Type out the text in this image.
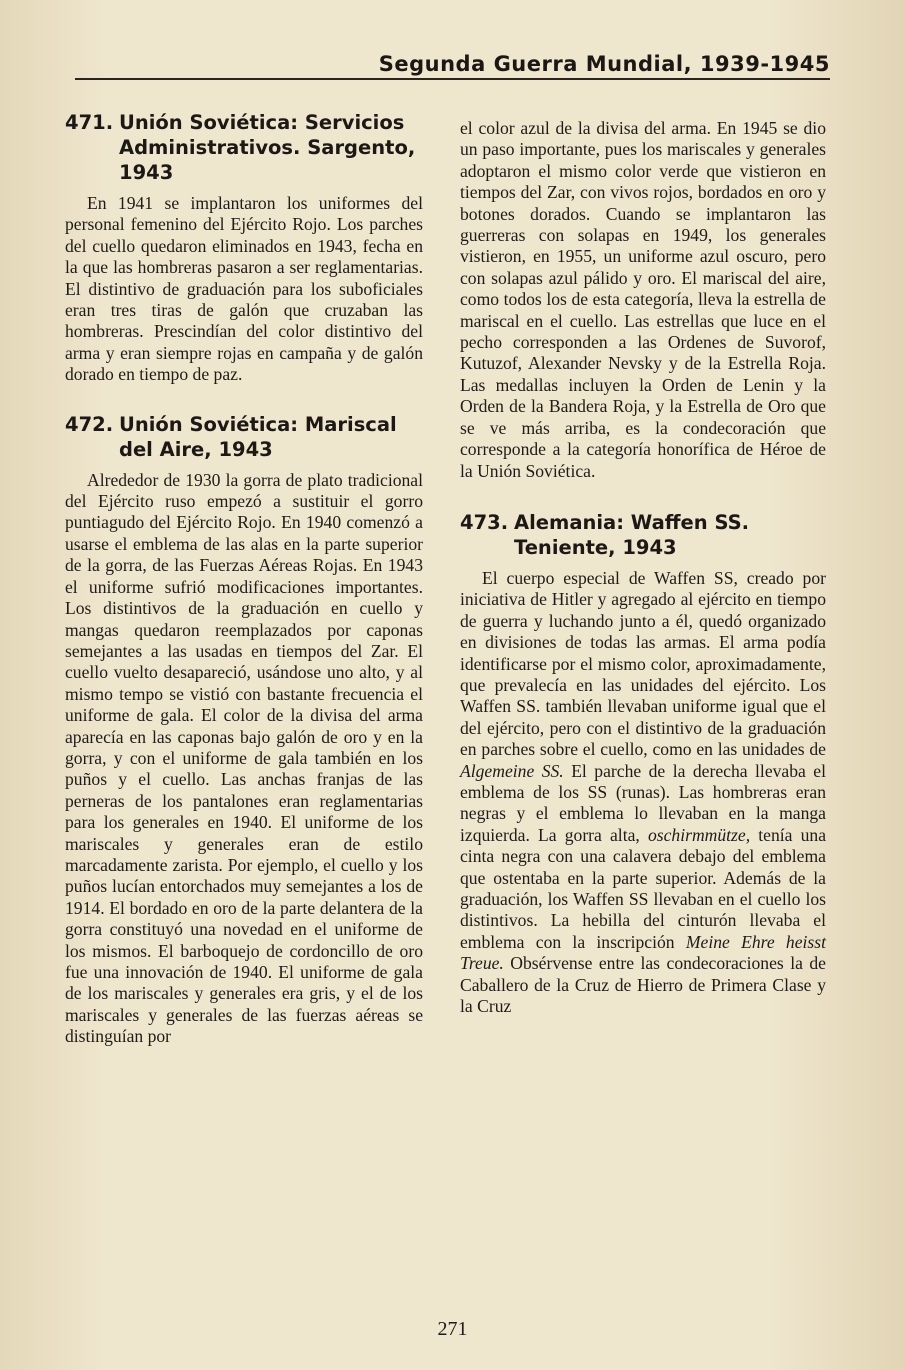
Segunda Guerra Mundial, 1939-1945
471. Unión Soviética: Servicios Administrativos. Sargento, 1943

En 1941 se implantaron los uniformes del personal femenino del Ejército Rojo. Los parches del cuello quedaron eliminados en 1943, fecha en la que las hombreras pasaron a ser reglamentarias. El distintivo de graduación para los suboficiales eran tres tiras de galón que cruzaban las hombreras. Prescindían del color distintivo del arma y eran siempre rojas en campaña y de galón dorado en tiempo de paz.

472. Unión Soviética: Mariscal del Aire, 1943

Alrededor de 1930 la gorra de plato tradicional del Ejército ruso empezó a sustituir el gorro puntiagudo del Ejército Rojo. En 1940 comenzó a usarse el emblema de las alas en la parte superior de la gorra, de las Fuerzas Aéreas Rojas. En 1943 el uniforme sufrió modificaciones importantes. Los distintivos de la graduación en cuello y mangas quedaron reemplazados por caponas semejantes a las usadas en tiempos del Zar. El cuello vuelto desapareció, usándose uno alto, y al mismo tempo se vistió con bastante frecuencia el uniforme de gala. El color de la divisa del arma aparecía en las caponas bajo galón de oro y en la gorra, y con el uniforme de gala también en los puños y el cuello. Las anchas franjas de las perneras de los pantalones eran reglamentarias para los generales en 1940. El uniforme de los mariscales y generales eran de estilo marcadamente zarista. Por ejemplo, el cuello y los puños lucían entorchados muy semejantes a los de 1914. El bordado en oro de la parte delantera de la gorra constituyó una novedad en el uniforme de los mismos. El barboquejo de cordoncillo de oro fue una innovación de 1940. El uniforme de gala de los mariscales y generales era gris, y el de los mariscales y generales de las fuerzas aéreas se distinguían por

el color azul de la divisa del arma. En 1945 se dio un paso importante, pues los mariscales y generales adoptaron el mismo color verde que vistieron en tiempos del Zar, con vivos rojos, bordados en oro y botones dorados. Cuando se implantaron las guerreras con solapas en 1949, los generales vistieron, en 1955, un uniforme azul oscuro, pero con solapas azul pálido y oro. El mariscal del aire, como todos los de esta categoría, lleva la estrella de mariscal en el cuello. Las estrellas que luce en el pecho corresponden a las Ordenes de Suvorof, Kutuzof, Alexander Nevsky y de la Estrella Roja. Las medallas incluyen la Orden de Lenin y la Orden de la Bandera Roja, y la Estrella de Oro que se ve más arriba, es la condecoración que corresponde a la categoría honorífica de Héroe de la Unión Soviética.

473. Alemania: Waffen SS. Teniente, 1943

El cuerpo especial de Waffen SS, creado por iniciativa de Hitler y agregado al ejército en tiempo de guerra y luchando junto a él, quedó organizado en divisiones de todas las armas. El arma podía identificarse por el mismo color, aproximadamente, que prevalecía en las unidades del ejército. Los Waffen SS. también llevaban uniforme igual que el del ejército, pero con el distintivo de la graduación en parches sobre el cuello, como en las unidades de Algemeine SS. El parche de la derecha llevaba el emblema de los SS (runas). Las hombreras eran negras y el emblema lo llevaban en la manga izquierda. La gorra alta, oschirmmütze, tenía una cinta negra con una calavera debajo del emblema que ostentaba en la parte superior. Además de la graduación, los Waffen SS llevaban en el cuello los distintivos. La hebilla del cinturón llevaba el emblema con la inscripción Meine Ehre heisst Treue. Obsérvense entre las condecoraciones la de Caballero de la Cruz de Hierro de Primera Clase y la Cruz

271
